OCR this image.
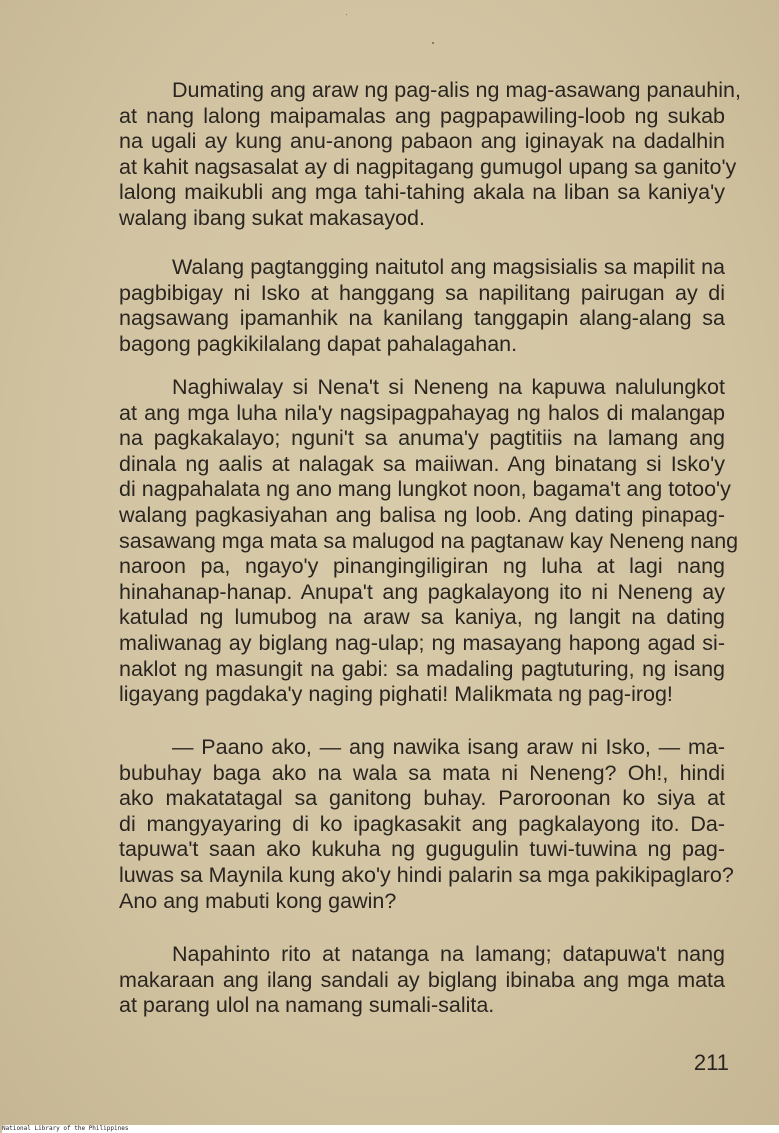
Dumating ang araw ng pag-alis ng mag-asawang panauhin,
at nang lalong maipamalas ang pagpapawiling-loob ng sukab
na ugali ay kung anu-anong pabaon ang iginayak na dadalhin
at kahit nagsasalat ay di nagpitagang gumugol upang sa ganito'y
lalong maikubli ang mga tahi-tahing akala na liban sa kaniya'y
walang ibang sukat makasayod.
Walang pagtangging naitutol ang magsisialis sa mapilit na
pagbibigay ni Isko at hanggang sa napilitang pairugan ay di
nagsawang ipamanhik na kanilang tanggapin alang-alang sa
bagong pagkikilalang dapat pahalagahan.
Naghiwalay si Nena't si Neneng na kapuwa nalulungkot
at ang mga luha nila'y nagsipagpahayag ng halos di malangap
na pagkakalayo; nguni't sa anuma'y pagtitiis na lamang ang
dinala ng aalis at nalagak sa maiiwan. Ang binatang si Isko'y
di nagpahalata ng ano mang lungkot noon, bagama't ang totoo'y
walang pagkasiyahan ang balisa ng loob. Ang dating pinapag-
sasawang mga mata sa malugod na pagtanaw kay Neneng nang
naroon pa, ngayo'y pinangingiligiran ng luha at lagi nang
hinahanap-hanap. Anupa't ang pagkalayong ito ni Neneng ay
katulad ng lumubog na araw sa kaniya, ng langit na dating
maliwanag ay biglang nag-ulap; ng masayang hapong agad si-
naklot ng masungit na gabi: sa madaling pagtuturing, ng isang
ligayang pagdaka'y naging pighati! Malikmata ng pag-irog!
— Paano ako, — ang nawika isang araw ni Isko, — ma-
bubuhay baga ako na wala sa mata ni Neneng? Oh!, hindi
ako makatatagal sa ganitong buhay. Paroroonan ko siya at
di mangyayaring di ko ipagkasakit ang pagkalayong ito. Da-
tapuwa't saan ako kukuha ng gugugulin tuwi-tuwina ng pag-
luwas sa Maynila kung ako'y hindi palarin sa mga pakikipaglaro?
Ano ang mabuti kong gawin?
Napahinto rito at natanga na lamang; datapuwa't nang
makaraan ang ilang sandali ay biglang ibinaba ang mga mata
at parang ulol na namang sumali-salita.
211
National Library of the Philippines
